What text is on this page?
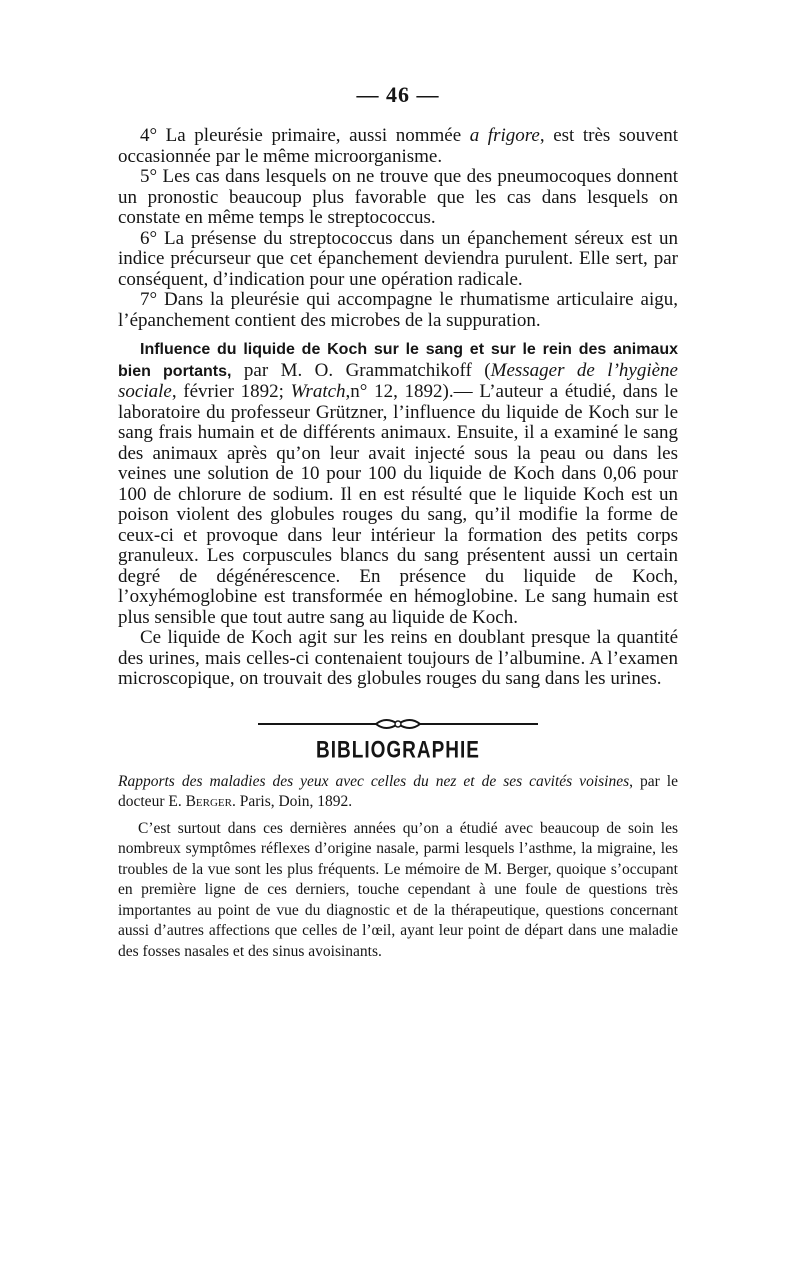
— 46 —

4° La pleurésie primaire, aussi nommée a frigore, est très souvent occasionnée par le même microorganisme.

5° Les cas dans lesquels on ne trouve que des pneumocoques donnent un pronostic beaucoup plus favorable que les cas dans lesquels on constate en même temps le streptococcus.

6° La présense du streptococcus dans un épanchement séreux est un indice précurseur que cet épanchement deviendra purulent. Elle sert, par conséquent, d’indication pour une opération radicale.

7° Dans la pleurésie qui accompagne le rhumatisme articulaire aigu, l’épanchement contient des microbes de la suppuration.

Influence du liquide de Koch sur le sang et sur le rein des animaux bien portants, par M. O. Grammatchikoff (Messager de l’hygiène sociale, février 1892; Wratch,n° 12, 1892).— L’auteur a étudié, dans le laboratoire du professeur Grützner, l’influence du liquide de Koch sur le sang frais humain et de différents animaux. Ensuite, il a examiné le sang des animaux après qu’on leur avait injecté sous la peau ou dans les veines une solution de 10 pour 100 du liquide de Koch dans 0,06 pour 100 de chlorure de sodium. Il en est résulté que le liquide Koch est un poison violent des globules rouges du sang, qu’il modifie la forme de ceux-ci et provoque dans leur intérieur la formation des petits corps granuleux. Les corpuscules blancs du sang présentent aussi un certain degré de dégénérescence. En présence du liquide de Koch, l’oxyhémoglobine est transformée en hémoglobine. Le sang humain est plus sensible que tout autre sang au liquide de Koch.

Ce liquide de Koch agit sur les reins en doublant presque la quantité des urines, mais celles-ci contenaient toujours de l’albumine. A l’examen microscopique, on trouvait des globules rouges du sang dans les urines.

BIBLIOGRAPHIE

Rapports des maladies des yeux avec celles du nez et de ses cavités voisines, par le docteur E. Berger. Paris, Doin, 1892.

C’est surtout dans ces dernières années qu’on a étudié avec beaucoup de soin les nombreux symptômes réflexes d’origine nasale, parmi lesquels l’asthme, la migraine, les troubles de la vue sont les plus fréquents. Le mémoire de M. Berger, quoique s’occupant en première ligne de ces derniers, touche cependant à une foule de questions très importantes au point de vue du diagnostic et de la thérapeutique, questions concernant aussi d’autres affections que celles de l’œil, ayant leur point de départ dans une maladie des fosses nasales et des sinus avoisinants.
